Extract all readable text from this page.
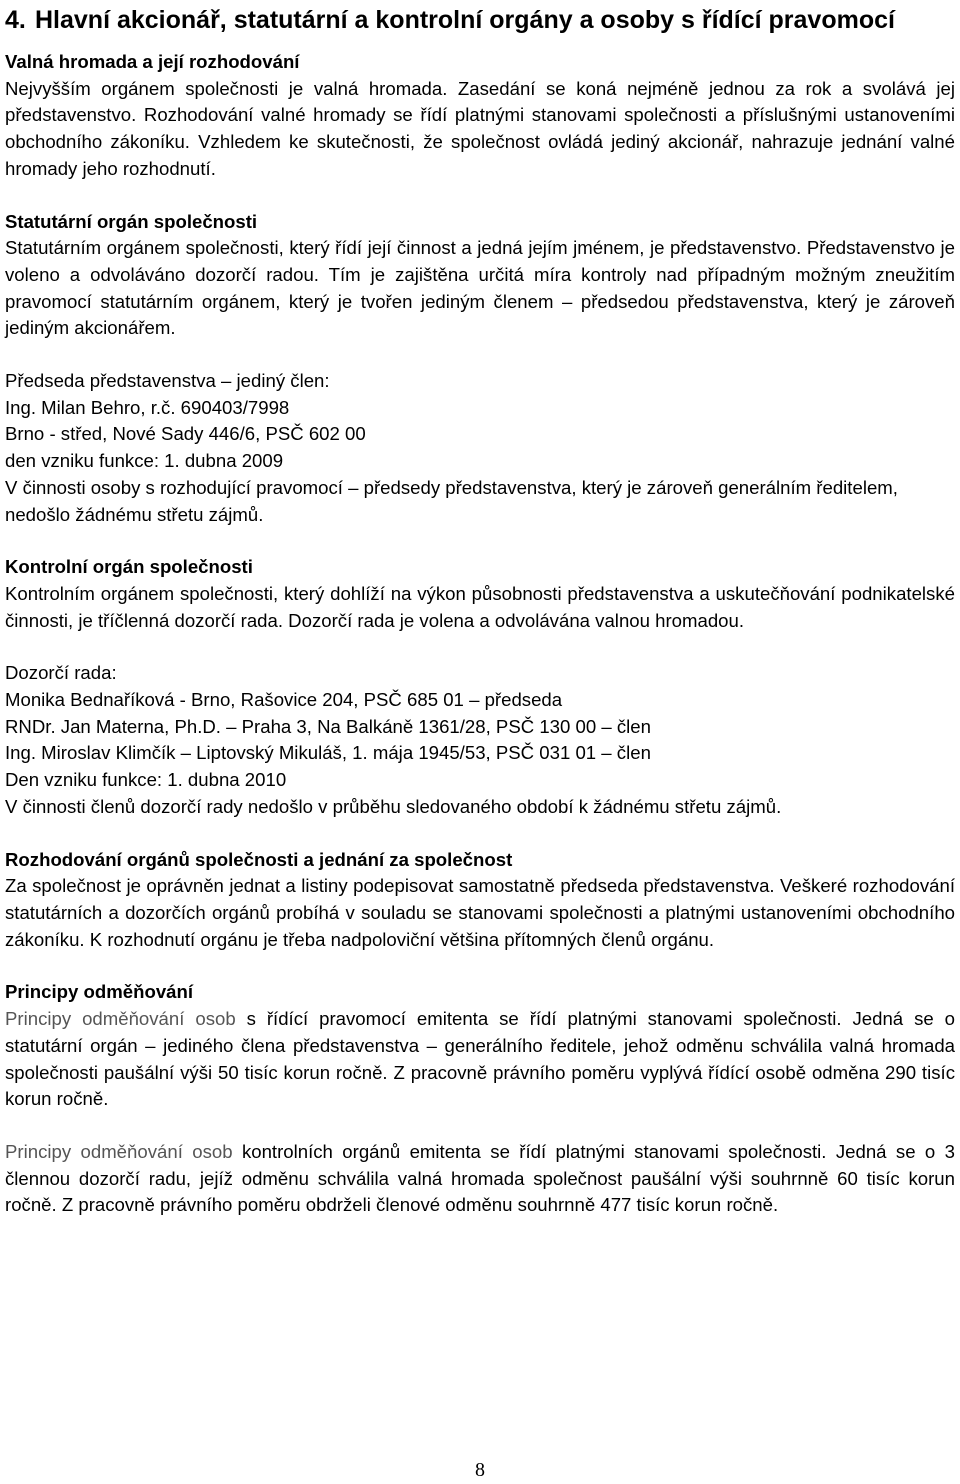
4. Hlavní akcionář, statutární a kontrolní orgány a osoby s řídící pravomocí

Valná hromada a její rozhodování

Nejvyšším orgánem společnosti je valná hromada. Zasedání se koná nejméně jednou za rok a svolává jej představenstvo. Rozhodování valné hromady se řídí platnými stanovami společnosti a příslušnými ustanoveními obchodního zákoníku. Vzhledem ke skutečnosti, že společnost ovládá jediný akcionář, nahrazuje jednání valné hromady jeho rozhodnutí.

Statutární orgán společnosti

Statutárním orgánem společnosti, který řídí její činnost a jedná jejím jménem, je představenstvo. Představenstvo je voleno a odvoláváno dozorčí radou. Tím je zajištěna určitá míra kontroly nad případným možným zneužitím pravomocí statutárním orgánem, který je tvořen jediným členem – předsedou představenstva, který je zároveň jediným akcionářem.

Předseda představenstva – jediný člen:

Ing. Milan Behro, r.č. 690403/7998

Brno - střed, Nové Sady 446/6, PSČ 602 00

den vzniku funkce: 1. dubna 2009

V činnosti osoby s rozhodující pravomocí – předsedy představenstva, který je zároveň generálním ředitelem, nedošlo žádnému střetu zájmů.

Kontrolní orgán společnosti

Kontrolním orgánem společnosti, který dohlíží na výkon působnosti představenstva a uskutečňování podnikatelské činnosti, je tříčlenná dozorčí rada. Dozorčí rada je volena a odvolávána valnou hromadou.

Dozorčí rada:

Monika Bednaříková - Brno, Rašovice 204, PSČ 685 01 – předseda

RNDr. Jan Materna, Ph.D. – Praha 3, Na Balkáně 1361/28, PSČ 130 00 – člen

Ing. Miroslav Klimčík – Liptovský Mikuláš, 1. mája 1945/53, PSČ 031 01 – člen

Den vzniku funkce: 1. dubna 2010

V činnosti členů dozorčí rady nedošlo v průběhu sledovaného období k žádnému střetu zájmů.

Rozhodování orgánů společnosti a jednání za společnost

Za společnost je oprávněn jednat a listiny podepisovat samostatně předseda představenstva. Veškeré rozhodování statutárních a dozorčích orgánů probíhá v souladu se stanovami společnosti a platnými ustanoveními obchodního zákoníku. K rozhodnutí orgánu je třeba nadpoloviční většina přítomných členů orgánu.

Principy odměňování

Principy odměňování osob s řídící pravomocí emitenta se řídí platnými stanovami společnosti. Jedná se o statutární orgán – jediného člena představenstva – generálního ředitele, jehož odměnu schválila valná hromada společnosti paušální výši 50 tisíc korun ročně. Z pracovně právního poměru vyplývá řídící osobě odměna 290 tisíc korun ročně.

Principy odměňování osob kontrolních orgánů emitenta se řídí platnými stanovami společnosti. Jedná se o 3 člennou dozorčí radu, jejíž odměnu schválila valná hromada společnost paušální výši souhrnně 60 tisíc korun ročně. Z pracovně právního poměru obdrželi členové odměnu souhrnně 477 tisíc korun ročně.

8
